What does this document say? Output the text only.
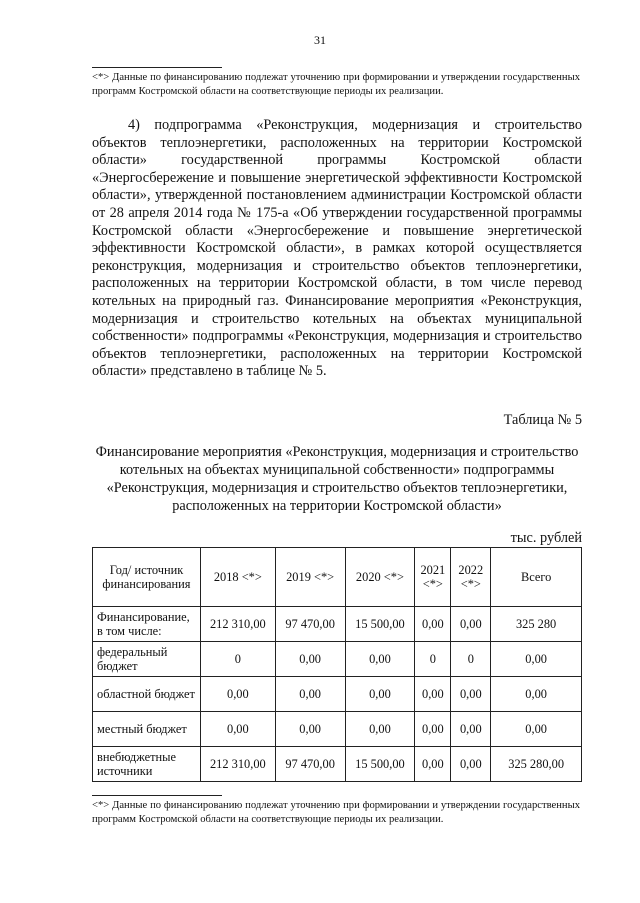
31
<*> Данные по финансированию подлежат уточнению при формировании и утверждении государственных программ Костромской области на соответствующие периоды их реализации.

4) подпрограмма «Реконструкция, модернизация и строительство объектов теплоэнергетики, расположенных на территории Костромской области» государственной программы Костромской области «Энергосбережение и повышение энергетической эффективности Костромской области», утвержденной постановлением администрации Костромской области от 28 апреля 2014 года № 175-а «Об утверждении государственной программы Костромской области «Энергосбережение и повышение энергетической эффективности Костромской области», в рамках которой осуществляется реконструкция, модернизация и строительство объектов теплоэнергетики, расположенных на территории Костромской области, в том числе перевод котельных на природный газ. Финансирование мероприятия «Реконструкция, модернизация и строительство котельных на объектах муниципальной собственности» подпрограммы «Реконструкция, модернизация и строительство объектов теплоэнергетики, расположенных на территории Костромской области» представлено в таблице № 5.

Таблица № 5
Финансирование мероприятия «Реконструкция, модернизация и строительство котельных на объектах муниципальной собственности» подпрограммы «Реконструкция, модернизация и строительство объектов теплоэнергетики, расположенных на территории Костромской области»
тыс. рублей
Год/ источник финансирования	2018 <*>	2019 <*>	2020 <*>	2021 <*>	2022 <*>	Всего
Финансирование, в том числе:	212 310,00	97 470,00	15 500,00	0,00	0,00	325 280
федеральный бюджет	0	0,00	0,00	0	0	0,00
областной бюджет	0,00	0,00	0,00	0,00	0,00	0,00
местный бюджет	0,00	0,00	0,00	0,00	0,00	0,00
внебюджетные источники	212 310,00	97 470,00	15 500,00	0,00	0,00	325 280,00
<*> Данные по финансированию подлежат уточнению при формировании и утверждении государственных программ Костромской области на соответствующие периоды их реализации.
